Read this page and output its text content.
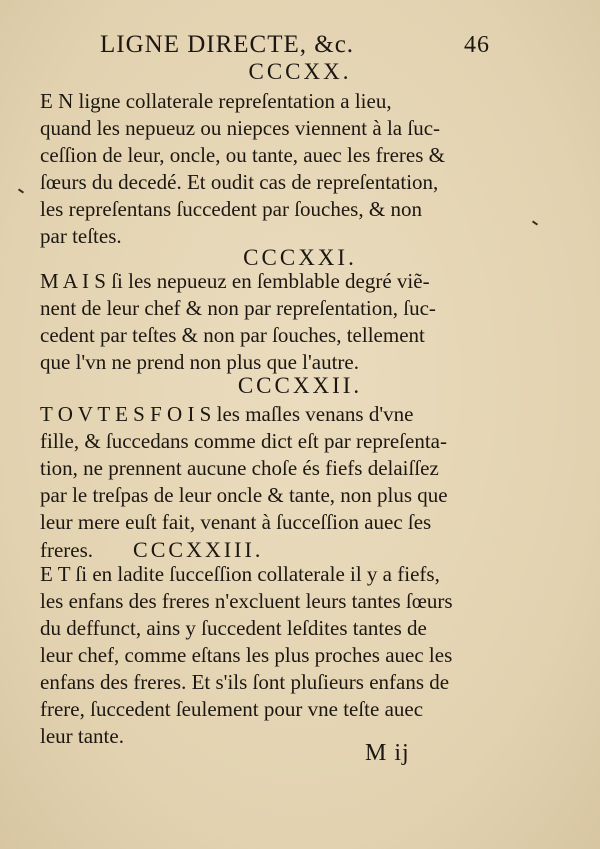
LIGNE DIRECTE, &c.	46
CCCXX.
E N ligne collaterale repreſentation a lieu,
quand les nepueuz ou niepces viennent à la ſuc-
ceſſion de leur, oncle, ou tante, auec les freres &
ſœurs du decedé. Et oudit cas de repreſentation,
les repreſentans ſuccedent par ſouches, & non
par teſtes.
CCCXXI.
M A I S ſi les nepueuz en ſemblable degré viẽ-
nent de leur chef & non par repreſentation, ſuc-
cedent par teſtes & non par ſouches, tellement
que l'vn ne prend non plus que l'autre.
CCCXXII.
T O V T E S F O I S les maſles venans d'vne
fille, & ſuccedans comme dict eſt par repreſenta-
tion, ne prennent aucune choſe és fiefs delaiſſez
par le treſpas de leur oncle & tante, non plus que
leur mere euſt fait, venant à ſucceſſion auec ſes
freres. CCCXXIII.
E T ſi en ladite ſucceſſion collaterale il y a fiefs,
les enfans des freres n'excluent leurs tantes ſœurs
du deffunct, ains y ſuccedent leſdites tantes de
leur chef, comme eſtans les plus proches auec les
enfans des freres. Et s'ils ſont pluſieurs enfans de
frere, ſuccedent ſeulement pour vne teſte auec
leur tante.
M ij
